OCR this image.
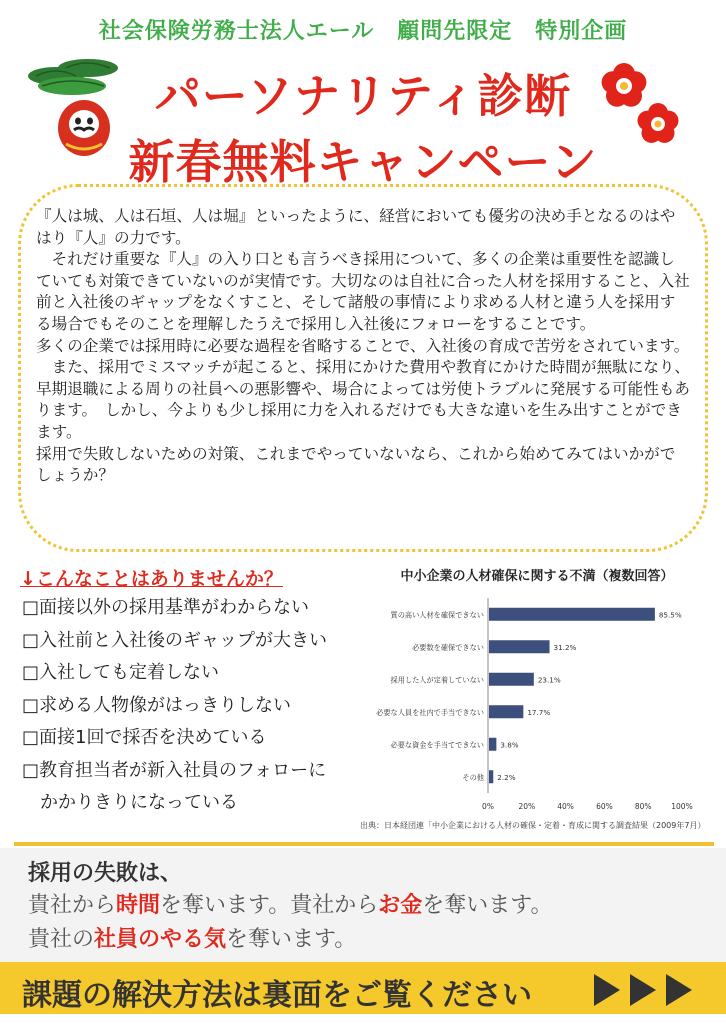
社会保険労務士法人エール　顧問先限定　特別企画
パーソナリティ診断
新春無料キャンペーン

『人は城、人は石垣、人は堀』といったように、経営においても優劣の決め手となるのはやはり『人』の力です。

　それだけ重要な『人』の入り口とも言うべき採用について、多くの企業は重要性を認識していても対策できていないのが実情です。大切なのは自社に合った人材を採用すること、入社前と入社後のギャップをなくすこと、そして諸般の事情により求める人材と違う人を採用する場合でもそのことを理解したうえで採用し入社後にフォローをすることです。

多くの企業では採用時に必要な過程を省略することで、入社後の育成で苦労をされています。

　また、採用でミスマッチが起こると、採用にかけた費用や教育にかけた時間が無駄になり、早期退職による周りの社員への悪影響や、場合によっては労使トラブルに発展する可能性もあります。　しかし、今よりも少し採用に力を入れるだけでも大きな違いを生み出すことができます。

採用で失敗しないための対策、これまでやっていないなら、これから始めてみてはいかがでしょうか？

↓こんなことはありませんか？
□面接以外の採用基準がわからない
□入社前と入社後のギャップが大きい
□入社しても定着しない
□求める人物像がはっきりしない
□面接1回で採否を決めている
□教育担当者が新入社員のフォローに
かかりきりになっている
中小企業の人材確保に関する不満（複数回答）
質の高い人材を確保できない	85.5%
必要数を確保できない	31.2%
採用した人が定着していない	23.1%
必要な人員を社内で手当できない	17.7%
必要な資金を手当てできない 3.8%
その他 2.2%
0%	20%	40%	60%	80%	100%
出典：日本経団連「中小企業における人材の確保・定着・育成に関する調査結果（2009年7月）
採用の失敗は、
貴社から時間を奪います。貴社からお金を奪います。
貴社の社員のやる気を奪います。
課題の解決方法は裏面をご覧ください
